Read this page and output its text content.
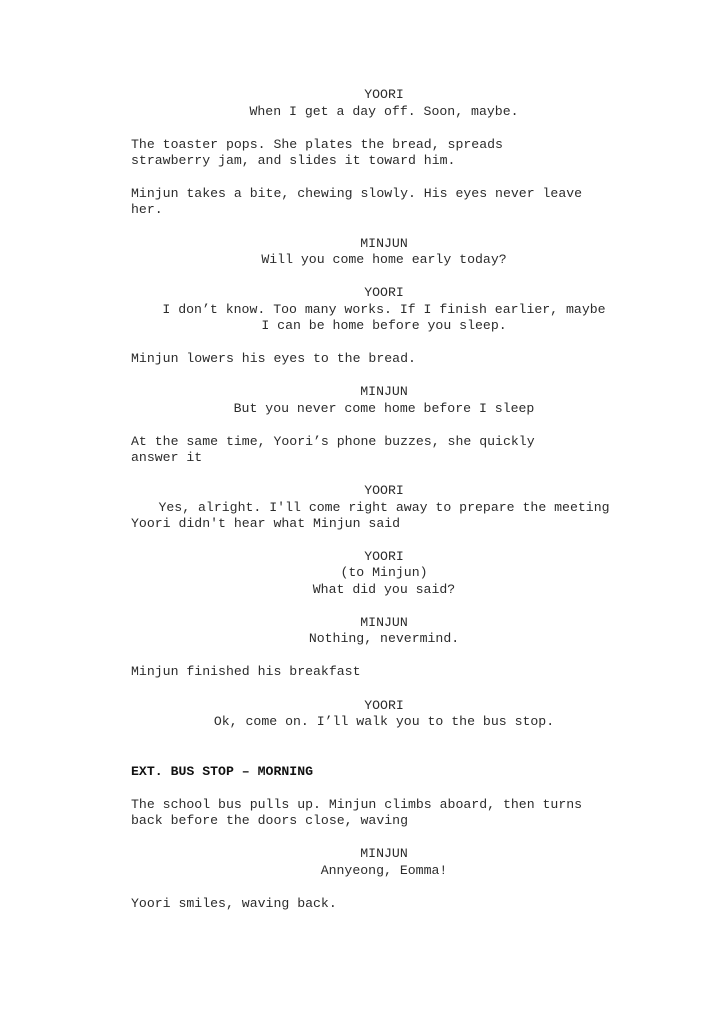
YOORI
When I get a day off. Soon, maybe.
The toaster pops. She plates the bread, spreads
strawberry jam, and slides it toward him.
Minjun takes a bite, chewing slowly. His eyes never leave
her.
MINJUN
Will you come home early today?
YOORI
I don’t know. Too many works. If I finish earlier, maybe
I can be home before you sleep.
Minjun lowers his eyes to the bread.
MINJUN
But you never come home before I sleep
At the same time, Yoori’s phone buzzes, she quickly
answer it
YOORI
Yes, alright. I'll come right away to prepare the meeting
Yoori didn't hear what Minjun said
YOORI
(to Minjun)
What did you said?
MINJUN
Nothing, nevermind.
Minjun finished his breakfast
YOORI
Ok, come on. I’ll walk you to the bus stop.
EXT. BUS STOP – MORNING
The school bus pulls up. Minjun climbs aboard, then turns
back before the doors close, waving
MINJUN
Annyeong, Eomma!
Yoori smiles, waving back.
